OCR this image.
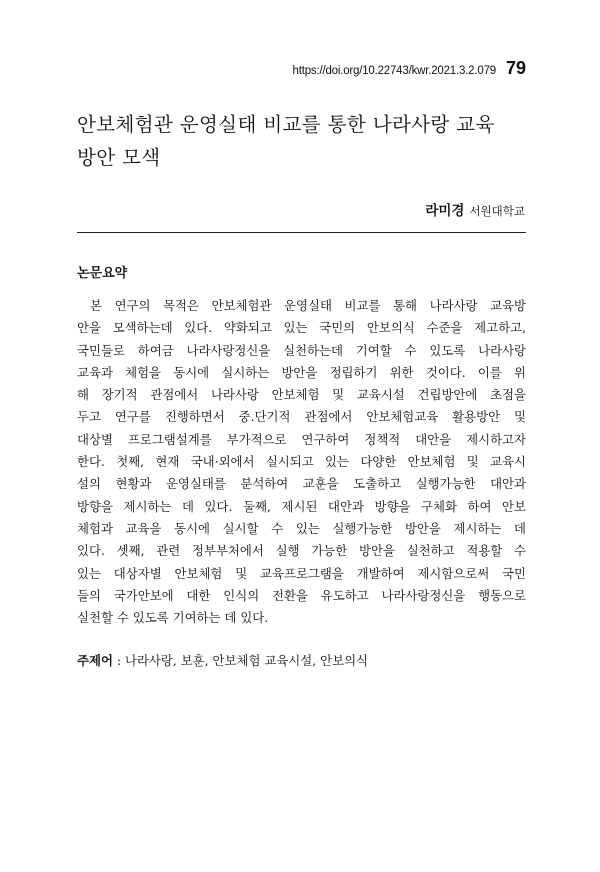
https://doi.org/10.22743/kwr.2021.3.2.079 79
안보체험관 운영실태 비교를 통한 나라사랑 교육
방안 모색
라미경 서원대학교
논문요약
본 연구의 목적은 안보체험관 운영실태 비교를 통해 나라사랑 교육방
안을 모색하는데 있다. 약화되고 있는 국민의 안보의식 수준을 제고하고,
국민들로 하여금 나라사랑정신을 실천하는데 기여할 수 있도록 나라사랑
교육과 체험을 동시에 실시하는 방안을 정립하기 위한 것이다. 이를 위
해 장기적 관점에서 나라사랑 안보체험 및 교육시설 건립방안에 초점을
두고 연구를 진행하면서 중.단기적 관점에서 안보체험교육 활용방안 및
대상별 프로그램설계를 부가적으로 연구하여 정책적 대안을 제시하고자
한다. 첫째, 현재 국내·외에서 실시되고 있는 다양한 안보체험 및 교육시
설의 현황과 운영실태를 분석하여 교훈을 도출하고 실행가능한 대안과
방향을 제시하는 데 있다. 둘째, 제시된 대안과 방향을 구체화 하여 안보
체험과 교육을 동시에 실시할 수 있는 실행가능한 방안을 제시하는 데
있다. 셋째, 관련 정부부처에서 실행 가능한 방안을 실천하고 적용할 수
있는 대상자별 안보체험 및 교육프로그램을 개발하여 제시함으로써 국민
들의 국가안보에 대한 인식의 전환을 유도하고 나라사랑정신을 행동으로
실천할 수 있도록 기여하는 데 있다.
주제어 : 나라사랑, 보훈, 안보체험 교육시설, 안보의식
